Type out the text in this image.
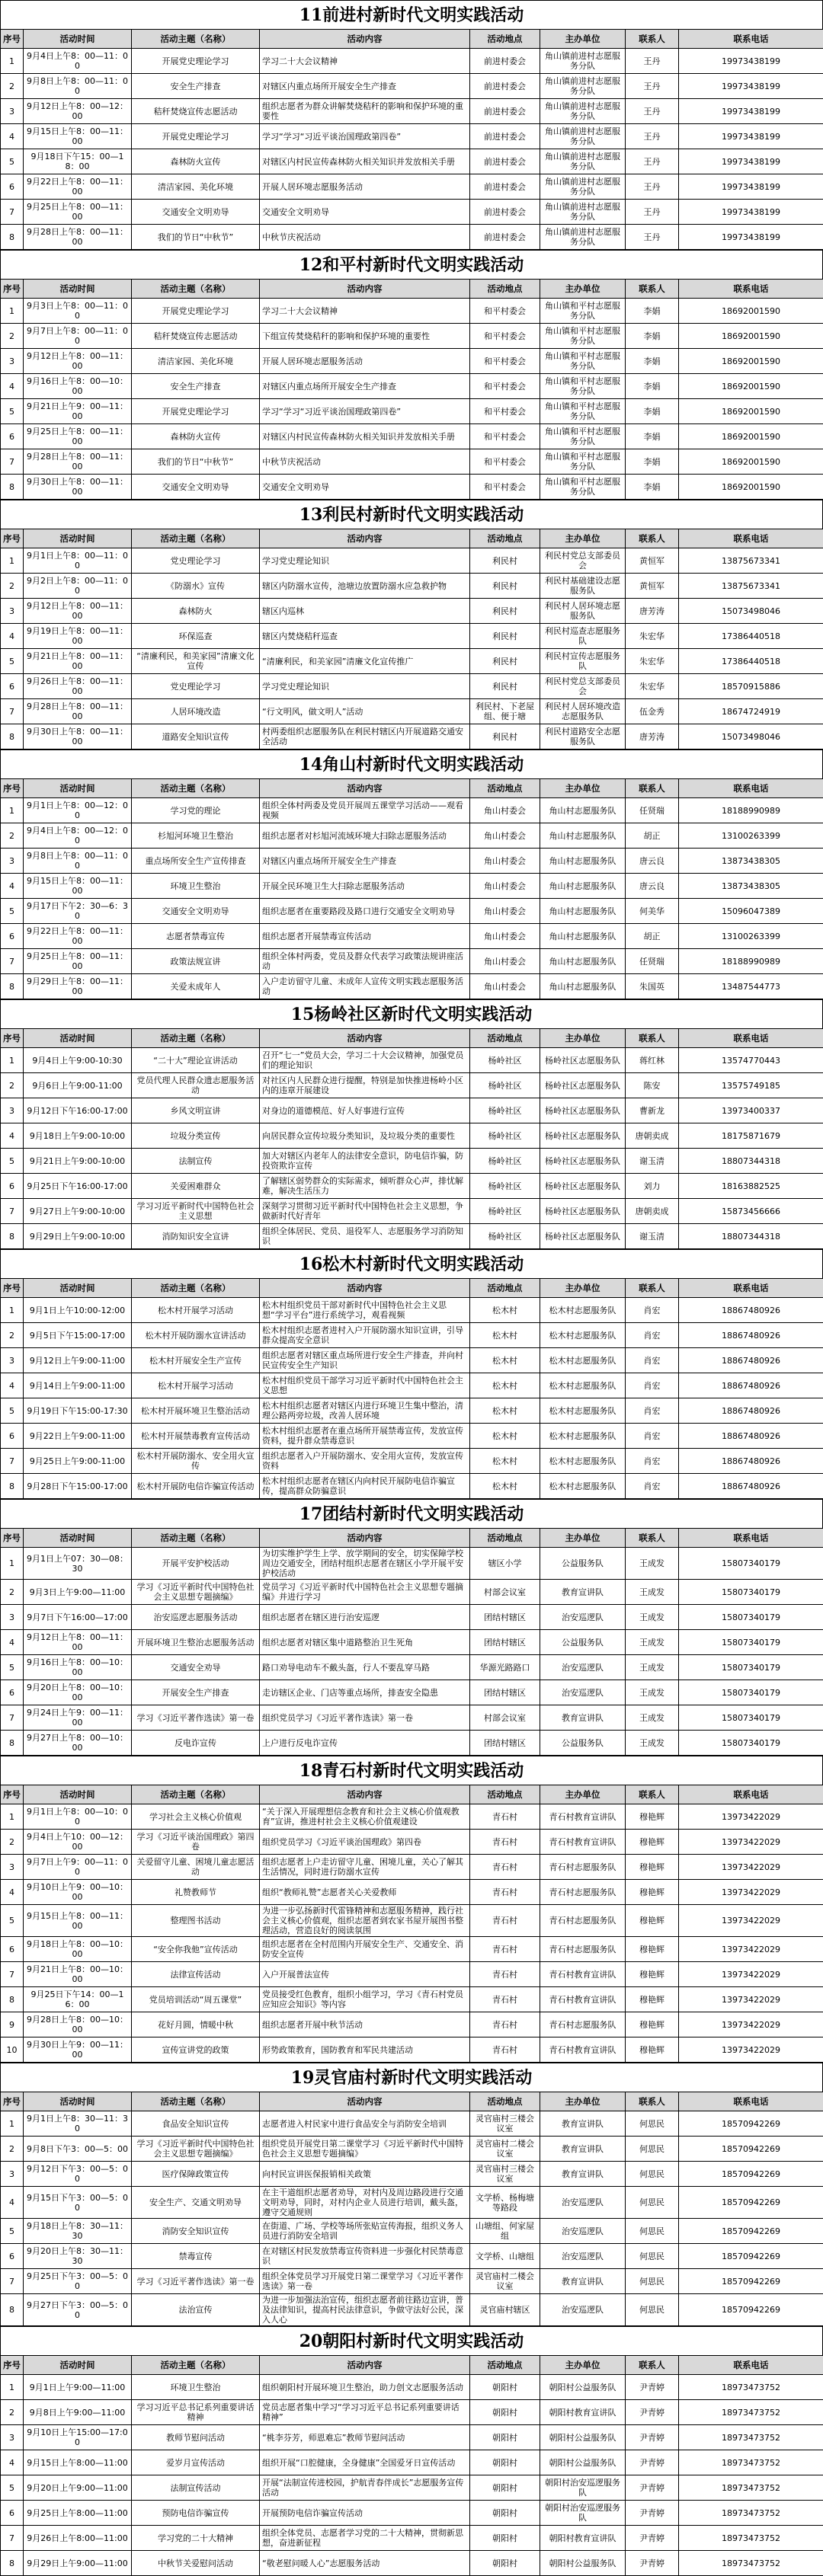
11前进村新时代文明实践活动
序号	活动时间	活动主题（名称）	活动内容	活动地点	主办单位	联系人	联系电话
1	9月4日上午8：00—11：00	开展党史理论学习	学习二十大会议精神	前进村委会	角山镇前进村志愿服务分队	王丹	19973438199
2	9月8日上午8：00—11：00	安全生产排查	对辖区内重点场所开展安全生产排查	前进村委会	角山镇前进村志愿服务分队	王丹	19973438199
3	9月12日上午8：00—12：00	秸秆焚烧宣传志愿活动	组织志愿者为群众讲解焚烧秸秆的影响和保护环境的重要性	前进村委会	角山镇前进村志愿服务分队	王丹	19973438199
4	9月15日上午8：00—11：00	开展党史理论学习	学习“学习“习近平谈治国理政第四卷”	前进村委会	角山镇前进村志愿服务分队	王丹	19973438199
5	9月18日下午15：00—18：00	森林防火宣传	对辖区内村民宣传森林防火相关知识并发放相关手册	前进村委会	角山镇前进村志愿服务分队	王丹	19973438199
6	9月22日上午8：00—11：00	清洁家园、美化环境	开展人居环境志愿服务活动	前进村委会	角山镇前进村志愿服务分队	王丹	19973438199
7	9月25日上午8：00—11：00	交通安全文明劝导	交通安全文明劝导	前进村委会	角山镇前进村志愿服务分队	王丹	19973438199
8	9月28日上午8：00—11：00	我们的节日“中秋节”	中秋节庆祝活动	前进村委会	角山镇前进村志愿服务分队	王丹	19973438199
12和平村新时代文明实践活动
序号	活动时间	活动主题（名称）	活动内容	活动地点	主办单位	联系人	联系电话
1	9月3日上午8：00—11：00	开展党史理论学习	学习二十大会议精神	和平村委会	角山镇和平村志愿服务分队	李娟	18692001590
2	9月7日上午8：00—11：00	秸秆焚烧宣传志愿活动	下组宣传焚烧秸秆的影响和保护环境的重要性	和平村委会	角山镇和平村志愿服务分队	李娟	18692001590
3	9月12日上午8：00—11：00	清洁家园、美化环境	开展人居环境志愿服务活动	和平村委会	角山镇和平村志愿服务分队	李娟	18692001590
4	9月16日上午8：00—10：00	安全生产排查	对辖区内重点场所开展安全生产排查	和平村委会	角山镇和平村志愿服务分队	李娟	18692001590
5	9月21日上午9：00—11：00	开展党史理论学习	学习“学习“习近平谈治国理政第四卷”	和平村委会	角山镇和平村志愿服务分队	李娟	18692001590
6	9月25日上午8：00—11：00	森林防火宣传	对辖区内村民宣传森林防火相关知识并发放相关手册	和平村委会	角山镇和平村志愿服务分队	李娟	18692001590
7	9月28日上午8：00—11：00	我们的节日“中秋节”	中秋节庆祝活动	和平村委会	角山镇和平村志愿服务分队	李娟	18692001590
8	9月30日上午8：00—11：00	交通安全文明劝导	交通安全文明劝导	和平村委会	角山镇和平村志愿服务分队	李娟	18692001590
13利民村新时代文明实践活动
序号	活动时间	活动主题（名称）	活动内容	活动地点	主办单位	联系人	联系电话
1	9月1日上午8：00—11：00	党史理论学习	学习党史理论知识	利民村	利民村党总支部委员会	黄恒军	13875673341
2	9月2日上午8：00—11：00	《防溺水》宣传	辖区内防溺水宣传，池塘边放置防溺水应急救护物	利民村	利民村基础建设志愿服务队	黄恒军	13875673341
3	9月12日上午8：00—11：00	森林防火	辖区内巡林	利民村	利民村人居环境志愿服务队	唐芳涛	15073498046
4	9月19日上午8：00—11：00	环保巡查	辖区内焚烧秸秆巡查	利民村	利民村巡查志愿服务队	朱宏华	17386440518
5	9月21日上午8：00—11：00	“清廉利民，和美家园”清廉文化宣传	“清廉利民，和美家园”清廉文化宣传推广	利民村	利民村宣传志愿服务队	朱宏华	17386440518
6	9月26日上午8：00—11：00	党史理论学习	学习党史理论知识	利民村	利民村党总支部委员会	朱宏华	18570915886
7	9月28日上午8：00—11：00	人居环境改造	“行文明风，做文明人”活动	利民村、下老屋组、便于塘	利民村人居环境改造志愿服务队	伍金秀	18674724919
8	9月30日上午8：00—11：00	道路安全知识宣传	村两委组织志愿服务队在利民村辖区内开展道路交通安全活动	利民村	利民村道路安全志愿服务队	唐芳涛	15073498046
14角山村新时代文明实践活动
序号	活动时间	活动主题（名称）	活动内容	活动地点	主办单位	联系人	联系电话
1	9月1日上午8：00—12：00	学习党的理论	组织全体村两委及党员开展周五课堂学习活动——观看视频	角山村委会	角山村志愿服务队	任贤瑞	18188990989
2	9月4日上午8：00—12：00	杉旭河环境卫生整治	组织志愿者对杉旭河流域环境大扫除志愿服务活动	角山村委会	角山村志愿服务队	胡正	13100263399
3	9月8日上午8：00—11：00	重点场所安全生产宣传排查	对辖区内重点场所开展安全生产排查	角山村委会	角山村志愿服务队	唐云良	13873438305
4	9月15日上午8：00—11：00	环境卫生整治	开展全民环境卫生大扫除志愿服务活动	角山村委会	角山村志愿服务队	唐云良	13873438305
5	9月17日下午2：30—6：30	交通安全文明劝导	组织志愿者在重要路段及路口进行交通安全文明劝导	角山村委会	角山村志愿服务队	何美华	15096047389
6	9月22日上午8：00—11：00	志愿者禁毒宣传	组织志愿者开展禁毒宣传活动	角山村委会	角山村志愿服务队	胡正	13100263399
7	9月25日上午8：00—11：00	政策法规宣讲	组织全体村两委，党员及群众代表学习政策法规讲座活动	角山村委会	角山村志愿服务队	任贤瑞	18188990989
8	9月29日上午8：00—11：00	关爱未成年人	入户走访留守儿童、未成年人宣传文明实践志愿服务活动	角山村委会	角山村志愿服务队	朱国英	13487544773
15杨岭社区新时代文明实践活动
序号	活动时间	活动主题（名称）	活动内容	活动地点	主办单位	联系人	联系电话
1	9月4日上午9:00-10:30	“二十大”理论宣讲活动	召开“七一”党员大会，学习二十大会议精神，加强党员们的理论知识	杨岭社区	杨岭社区志愿服务队	蒋红林	13574770443
2	9月6日上午9:00-11:00	党员代理人民群众遗志愿服务活动	对社区内人民群众进行提醒，特别是加快推进杨岭小区内的违章开展建设	杨岭社区	杨岭社区志愿服务队	陈安	13575749185
3	9月12日下午16:00-17:00	乡风文明宣讲	对身边的道德模范、好人好事进行宣传	杨岭社区	杨岭社区志愿服务队	曹新龙	13973400337
4	9月18日上午9:00-10:00	垃圾分类宣传	向居民群众宣传垃圾分类知识，及垃圾分类的重要性	杨岭社区	杨岭社区志愿服务队	唐朝卖成	18175871679
5	9月21日上午9:00-10:00	法制宣传	加大对辖区内老年人的法律安全意识，防电信诈骗，防投资欺诈宣传	杨岭社区	杨岭社区志愿服务队	谢玉清	18807344318
6	9月25日下午16:00-17:00	关爱困难群众	了解辖区弱势群众的实际需求，倾听群众心声，排忧解难，解决生活压力	杨岭社区	杨岭社区志愿服务队	刘力	18163882525
7	9月27日上午9:00-10:00	学习习近平新时代中国特色社会主义思想	深刻学习贯彻习近平新时代中国特色社会主义思想，争做新时代好青年	杨岭社区	杨岭社区志愿服务队	唐朝卖成	15873456666
8	9月29日上午9:00-10:00	消防知识安全宣讲	组织全体居民、党员、退役军人、志愿服务学习消防知识	杨岭社区	杨岭社区志愿服务队	谢玉清	18807344318
16松木村新时代文明实践活动
序号	活动时间	活动主题（名称）	活动内容	活动地点	主办单位	联系人	联系电话
1	9月1日上午10:00-12:00	松木村开展学习活动	松木村组织党员干部对新时代中国特色社会主义思想“学习平台”进行系统学习，观看视频	松木村	松木村志愿服务队	肖宏	18867480926
2	9月5日下午15:00-17:00	松木村开展防溺水宣讲活动	松木村组织志愿者进村入户开展防溺水知识宣讲，引导群众提高安全意识	松木村	松木村志愿服务队	肖宏	18867480926
3	9月12日上午9:00-11:00	松木村开展安全生产宣传	组织志愿者对辖区重点场所进行安全生产排查，并向村民宣传安全生产知识	松木村	松木村志愿服务队	肖宏	18867480926
4	9月14日上午9:00-11:00	松木村开展学习活动	松木村组织党员干部学习习近平新时代中国特色社会主义思想	松木村	松木村志愿服务队	肖宏	18867480926
5	9月19日下午15:00-17:30	松木村开展环境卫生整治活动	松木村组织志愿者对辖区内进行环境卫生集中整治，清理公路两旁垃圾，改善人居环境	松木村	松木村志愿服务队	肖宏	18867480926
6	9月22日上午9:00-11:00	松木村开展禁毒教育宣传活动	松木村组织志愿者在重点场所开展禁毒宣传，发放宣传资料，提升群众禁毒意识	松木村	松木村志愿服务队	肖宏	18867480926
7	9月25日上午9:00-11:00	松木村开展防溺水、安全用火宣传	组织志愿者入户开展防溺水、安全用火宣传，发放宣传资料	松木村	松木村志愿服务队	肖宏	18867480926
8	9月28日下午15:00-17:00	松木村开展防电信诈骗宣传活动	松木村组织志愿者在辖区内向村民开展防电信诈骗宣传，提高群众防骗意识	松木村	松木村志愿服务队	肖宏	18867480926
17团结村新时代文明实践活动
序号	活动时间	活动主题（名称）	活动内容	活动地点	主办单位	联系人	联系电话
1	9月1日上午07：30—08：30	开展平安护校活动	为切实维护学生上学、放学期间的安全，切实保障学校周边交通安全，团结村组织志愿者在辖区小学开展平安护校活动	辖区小学	公益服务队	王成发	15807340179
2	9月3日上午9:00—11:00	学习《习近平新时代中国特色社会主义思想专题摘编》	党员学习《习近平新时代中国特色社会主义思想专题摘编》并进行学习	村部会议室	教育宣讲队	王成发	15807340179
3	9月7日下午16:00—17:00	治安巡逻志愿服务活动	组织志愿者在辖区进行治安巡逻	团结村辖区	治安巡逻队	王成发	15807340179
4	9月12日上午8：00—11：00	开展环境卫生整治志愿服务活动	组织志愿者对辖区集中道路整治卫生死角	团结村辖区	公益服务队	王成发	15807340179
5	9月16日上午8：00—10：00	交通安全劝导	路口劝导电动车不戴头盔，行人不要乱穿马路	华源光路路口	治安巡逻队	王成发	15807340179
6	9月20日上午8：00—10：00	开展安全生产排查	走访辖区企业、门店等重点场所，排查安全隐患	团结村辖区	治安巡逻队	王成发	15807340179
7	9月24日上午9：00—11：00	学习《习近平著作选读》第一卷	组织党员学习《习近平著作选读》第一卷	村部会议室	教育宣讲队	王成发	15807340179
8	9月27日上午8：00—10：00	反电诈宣传	上户进行反电诈宣传	团结村辖区	公益服务队	王成发	15807340179
18青石村新时代文明实践活动
序号	活动时间	活动主题（名称）	活动内容	活动地点	主办单位	联系人	联系电话
1	9月1日上午8：00—10：00	学习社会主义核心价值观	“关于深入开展理想信念教育和社会主义核心价值观教育”宣讲，推进村社会主义核心价值观建设	青石村	青石村教育宣讲队	穆艳辉	13973422029
2	9月4日上午10：00—12：00	学习《习近平谈治国理政》第四卷	组织党员学习《习近平谈治国理政》第四卷	青石村	青石村教育宣讲队	穆艳辉	13973422029
3	9月7日上午9：00—11：00	关爱留守儿童、困境儿童志愿活动	组织志愿者上户走访留守儿童、困境儿童，关心了解其生活情况，同时进行防溺水宣传	青石村	青石村志愿服务队	穆艳辉	13973422029
4	9月10日上午9：00—10：00	礼赞教师节	组织“教师礼赞”志愿者关心关爱教师	青石村	青石村志愿服务队	穆艳辉	13973422029
5	9月15日上午8：00—11：00	整理图书活动	为进一步弘扬新时代雷锋精神和志愿服务精神，践行社会主义核心价值观，组织志愿者到农家书屋开展图书整理活动，营造良好的阅读氛围	青石村	青石村志愿服务队	穆艳辉	13973422029
6	9月18日上午8：00—10：00	“安全你我他”宣传活动	组织志愿者在全村范围内开展安全生产、交通安全、消防安全宣传	青石村	青石村志愿服务队	穆艳辉	13973422029
7	9月21日上午8：00—10：00	法律宣传活动	入户开展普法宣传	青石村	青石村教育宣讲队	穆艳辉	13973422029
8	9月25日下午14：00—16：00	党员培训活动“周五课堂”	党员接受红色教育，组织小组学习，学习《青石村党员应知应会知识》等内容	青石村	青石村教育宣讲队	穆艳辉	13973422029
9	9月28日上午8：00—10：00	花好月圆，情暖中秋	组织志愿者开展中秋节活动	青石村	青石村志愿服务队	穆艳辉	13973422029
10	9月30日上午9：00—11：00	宣传宣讲党的政策	形势政策教育，国防教育和军民共建活动	青石村	青石村教育宣讲队	穆艳辉	13973422029
19灵官庙村新时代文明实践活动
序号	活动时间	活动主题（名称）	活动内容	活动地点	主办单位	联系人	联系电话
1	9月1日上午8：30—11：30	食品安全知识宣传	志愿者进入村民家中进行食品安全与消防安全培训	灵官庙村三楼会议室	教育宣讲队	何思民	18570942269
2	9月8日下午3：00—5：00	学习《习近平新时代中国特色社会主义思想专题摘编》	组织党员开展党日第二课堂学习《习近平新时代中国特色社会主义思想专题摘编》	灵官庙村二楼会议室	教育宣讲队	何思民	18570942269
3	9月12日下午3：00—5：00	医疗保障政策宣传	向村民宣讲医保报销相关政策	灵官庙村三楼会议室	教育宣讲队	何思民	18570942269
4	9月15日下午3：00—5：00	安全生产、交通文明劝导	在主干道组织志愿者劝导，对村内及周边路段进行交通文明劝导，同时，对村内企业人员进行培训，戴头盔，遵守交通规则	文学桥、杨梅塘等路段	治安巡逻队	何思民	18570942269
5	9月18日上午8：30—11：30	消防安全知识宣传	在街道、广场、学校等场所张贴宣传海报，组织义务人员进行消防安全培训	山塘组、何家屋组	治安巡逻队	何思民	18570942269
6	9月20日上午8：30—11：30	禁毒宣传	在对辖区村民发放禁毒宣传资料进一步强化村民禁毒意识	文学桥、山塘组	治安巡逻队	何思民	18570942269
7	9月25日下午3：00—5：00	学习《习近平著作选读》第一卷	组织全体党员学习开展党日第二课堂学习《习近平著作选读》第一卷	灵官庙村二楼会议室	教育宣讲队	何思民	18570942269
8	9月27日下午3：00—5：00	法治宣传	为进一步加强法治宣传，组织志愿者前往路边宣讲，普及法律知识，提高村民法律意识，争做守法好公民，深入人心	灵官庙村辖区	治安巡逻队	何思民	18570942269
20朝阳村新时代文明实践活动
序号	活动时间	活动主题（名称）	活动内容	活动地点	主办单位	联系人	联系电话
1	9月1日上午9:00—11:00	环境卫生整治	组织朝阳村开展环境卫生整治，助力创文志愿服务活动	朝阳村	朝阳村公益服务队	尹青婷	18973473752
2	9月8日上午9:00—11:00	学习习近平总书记系列重要讲话精神	党员志愿者集中学习“学习习近平总书记系列重要讲话精神”	朝阳村	朝阳村教育宣讲队	尹青婷	18973473752
3	9月10日上午15:00—17:00	教师节慰问活动	“桃李芬芳，师恩难忘”教师节慰问活动	朝阳村	朝阳村公益服务队	尹青婷	18973473752
4	9月15日上午8:00—11:00	爱岁月宣传活动	组织开展“口腔健康，全身健康”全国爱牙日宣传活动	朝阳村	朝阳村公益服务队	尹青婷	18973473752
5	9月20日上午9:00—11:00	法制宣传活动	开展“法制宣传进校园，护航青春伴成长”志愿服务宣传活动	朝阳村	朝阳村治安巡逻服务队	尹青婷	18973473752
6	9月25日上午8:00—11:00	预防电信诈骗宣传	开展预防电信诈骗宣传活动	朝阳村	朝阳村治安巡逻服务队	尹青婷	18973473752
7	9月26日上午8:00—11:00	学习党的二十大精神	组织全体党员、志愿者学习党的二十大精神，贯彻新思想，奋进新征程	朝阳村	朝阳村教育宣讲队	尹青婷	18973473752
8	9月29日上午9:00—11:00	中秋节关爱慰问活动	“敬老慰问暖人心”志愿服务活动	朝阳村	朝阳村公益服务队	尹青婷	18973473752
